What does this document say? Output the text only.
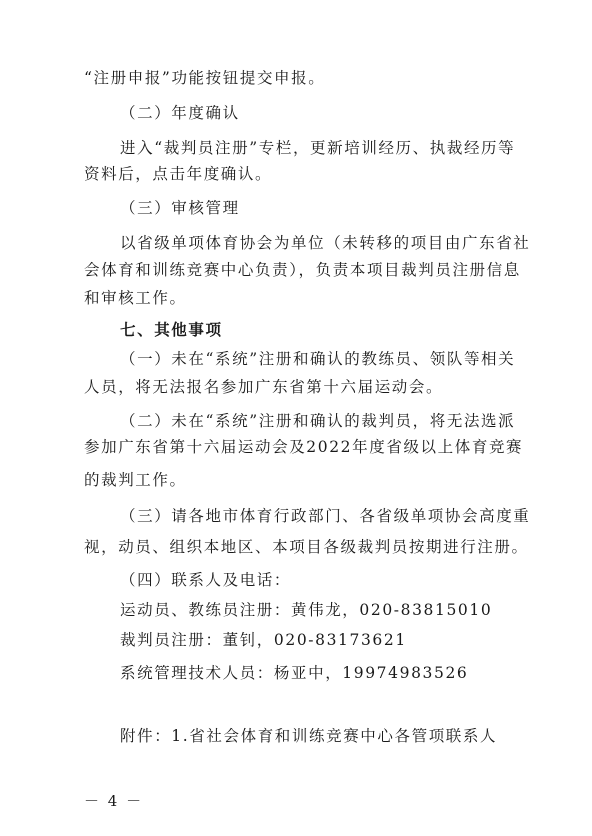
“注册申报”功能按钮提交申报。
（二）年度确认
进入“裁判员注册”专栏，更新培训经历、执裁经历等
资料后，点击年度确认。
（三）审核管理
以省级单项体育协会为单位（未转移的项目由广东省社
会体育和训练竞赛中心负责），负责本项目裁判员注册信息
和审核工作。
七、其他事项
（一）未在“系统”注册和确认的教练员、领队等相关
人员，将无法报名参加广东省第十六届运动会。
（二）未在“系统”注册和确认的裁判员，将无法选派
参加广东省第十六届运动会及2022年度省级以上体育竞赛
的裁判工作。
（三）请各地市体育行政部门、各省级单项协会高度重
视，动员、组织本地区、本项目各级裁判员按期进行注册。
（四）联系人及电话：
运动员、教练员注册：黄伟龙，020-83815010
裁判员注册：董钊，020-83173621
系统管理技术人员：杨亚中，19974983526
附件：1.省社会体育和训练竞赛中心各管项联系人
－ 4 －
